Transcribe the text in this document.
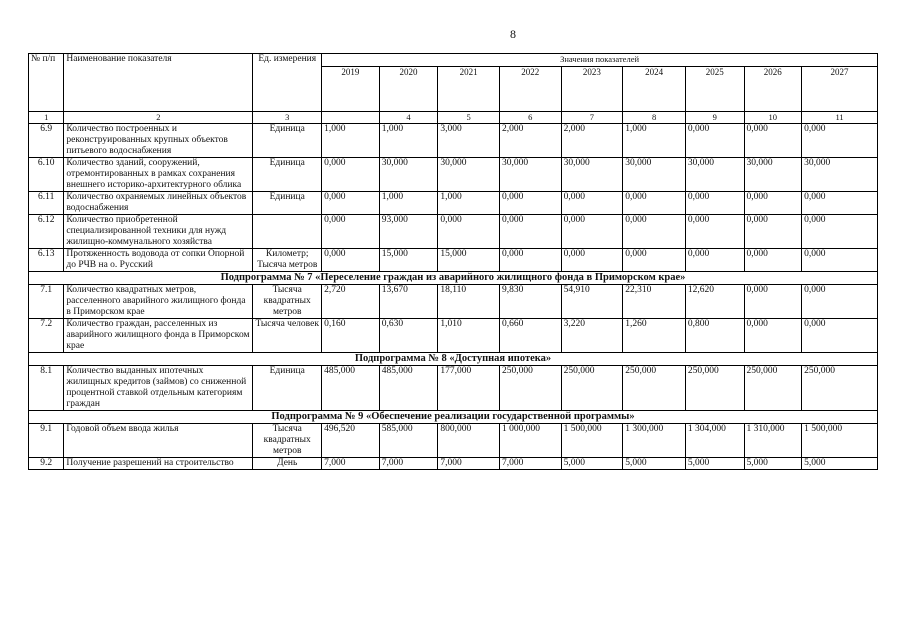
8
№ п/п	Наименование показателя	Ед. измерения	Значения показателей								
			2019	2020	2021	2022	2023	2024	2025	2026	2027
1	2	3		4	5	6	7	8	9	10	11
6.9	Количество построенных и реконструированных крупных объектов питьевого водоснабжения	Единица	1,000	1,000	3,000	2,000	2,000	1,000	0,000	0,000	0,000
6.10	Количество зданий, сооружений, отремонтированных в рамках сохранения внешнего историко-архитектурного облика	Единица	0,000	30,000	30,000	30,000	30,000	30,000	30,000	30,000	30,000
6.11	Количество охраняемых линейных объектов водоснабжения	Единица	0,000	1,000	1,000	0,000	0,000	0,000	0,000	0,000	0,000
6.12	Количество приобретенной специализированной техники для нужд жилищно-коммунального хозяйства		0,000	93,000	0,000	0,000	0,000	0,000	0,000	0,000	0,000
6.13	Протяженность водовода от сопки Опорной до РЧВ на о. Русский	Километр; Тысяча метров	0,000	15,000	15,000	0,000	0,000	0,000	0,000	0,000	0,000
Подпрограмма № 7 «Переселение граждан из аварийного жилищного фонда в Приморском крае»											
7.1	Количество квадратных метров, расселенного аварийного жилищного фонда в Приморском крае	Тысяча квадратных метров	2,720	13,670	18,110	9,830	54,910	22,310	12,620	0,000	0,000
7.2	Количество граждан, расселенных из аварийного жилищного фонда в Приморском крае	Тысяча человек	0,160	0,630	1,010	0,660	3,220	1,260	0,800	0,000	0,000
Подпрограмма № 8 «Доступная ипотека»											
8.1	Количество выданных ипотечных жилищных кредитов (займов) со сниженной процентной ставкой отдельным категориям граждан	Единица	485,000	485,000	177,000	250,000	250,000	250,000	250,000	250,000	250,000
Подпрограмма № 9 «Обеспечение реализации государственной программы»											
9.1	Годовой объем ввода жилья	Тысяча квадратных метров	496,520	585,000	800,000	1 000,000	1 500,000	1 300,000	1 304,000	1 310,000	1 500,000
9.2	Получение разрешений на строительство	День	7,000	7,000	7,000	7,000	5,000	5,000	5,000	5,000	5,000
